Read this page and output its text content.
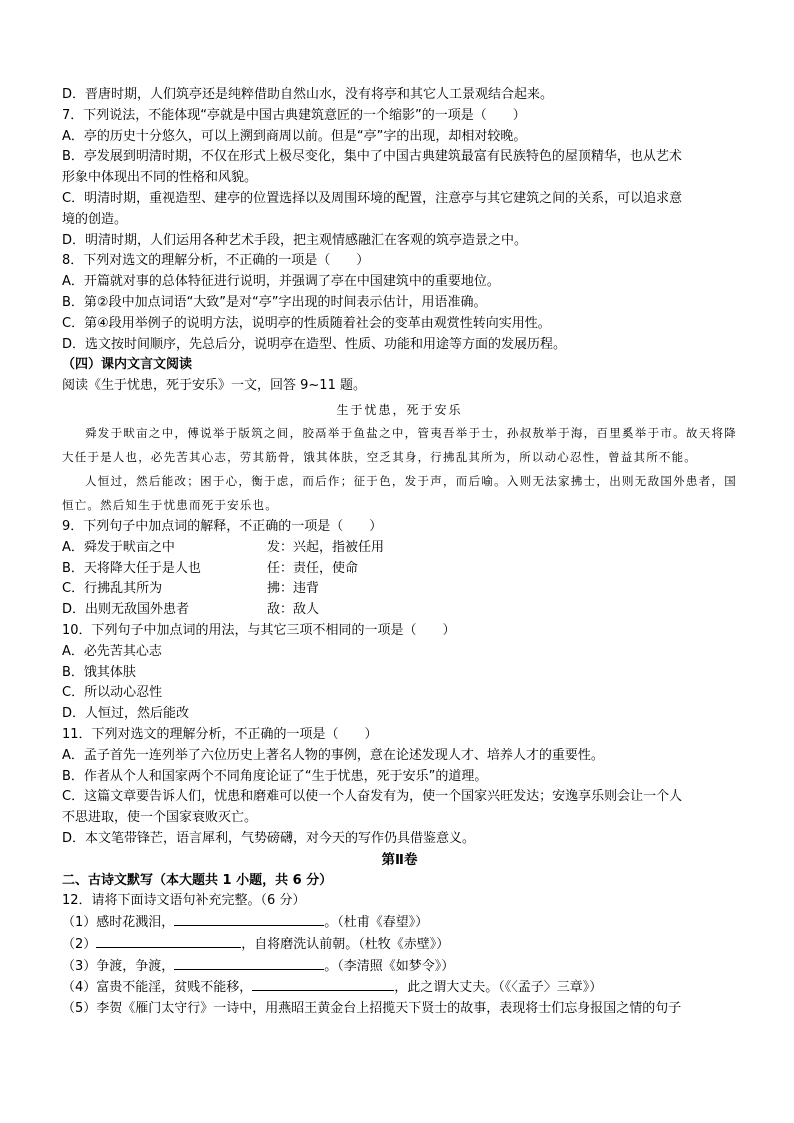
D．晋唐时期，人们筑亭还是纯粹借助自然山水，没有将亭和其它人工景观结合起来。

7．下列说法，不能体现“亭就是中国古典建筑意匠的一个缩影”的一项是（　　）

A．亭的历史十分悠久，可以上溯到商周以前。但是“亭”字的出现，却相对较晚。

B．亭发展到明清时期，不仅在形式上极尽变化，集中了中国古典建筑最富有民族特色的屋顶精华，也从艺术

形象中体现出不同的性格和风貌。

C．明清时期，重视造型、建亭的位置选择以及周围环境的配置，注意亭与其它建筑之间的关系，可以追求意

境的创造。

D．明清时期，人们运用各种艺术手段，把主观情感融汇在客观的筑亭造景之中。

8．下列对选文的理解分析，不正确的一项是（　　）

A．开篇就对事的总体特征进行说明，并强调了亭在中国建筑中的重要地位。

B．第②段中加点词语“大致”是对“亭”字出现的时间表示估计，用语准确。

C．第④段用举例子的说明方法，说明亭的性质随着社会的变革由观赏性转向实用性。

D．选文按时间顺序，先总后分，说明亭在造型、性质、功能和用途等方面的发展历程。

（四）课内文言文阅读

阅读《生于忧患，死于安乐》一文，回答 9~11 题。

生于忧患，死于安乐

舜发于畎亩之中，傅说举于版筑之间，胶鬲举于鱼盐之中，管夷吾举于士，孙叔敖举于海，百里奚举于市。故天将降大任于是人也，必先苦其心志，劳其筋骨，饿其体肤，空乏其身，行拂乱其所为，所以动心忍性，曾益其所不能。

人恒过，然后能改；困于心，衡于虑，而后作；征于色，发于声，而后喻。入则无法家拂士，出则无敌国外患者，国恒亡。然后知生于忧患而死于安乐也。

9．下列句子中加点词的解释，不正确的一项是（　　）

A．舜发于畎亩之中	发：兴起，指被任用
B．天将降大任于是人也	任：责任，使命
C．行拂乱其所为	拂：违背
D．出则无敌国外患者	敌：敌人

10．下列句子中加点词的用法，与其它三项不相同的一项是（　　）

A．必先苦其心志

B．饿其体肤

C．所以动心忍性

D．人恒过，然后能改

11．下列对选文的理解分析，不正确的一项是（　　）

A．孟子首先一连列举了六位历史上著名人物的事例，意在论述发现人才、培养人才的重要性。

B．作者从个人和国家两个不同角度论证了“生于忧患，死于安乐”的道理。

C．这篇文章要告诉人们，忧患和磨难可以使一个人奋发有为，使一个国家兴旺发达；安逸享乐则会让一个人

不思进取，使一个国家衰败灭亡。

D．本文笔带锋芒，语言犀利，气势磅礴，对今天的写作仍具借鉴意义。

第Ⅱ卷

二、古诗文默写（本大题共 1 小题，共 6 分）

12．请将下面诗文语句补充完整。（6 分）

（1）感时花溅泪，	。（杜甫《春望》）

（2）	，自将磨洗认前朝。（杜牧《赤壁》）

（3）争渡，争渡，	。（李清照《如梦令》）

（4）富贵不能淫，贫贱不能移，	，此之谓大丈夫。（《〈孟子〉三章》）

（5）李贺《雁门太守行》一诗中，用燕昭王黄金台上招揽天下贤士的故事，表现将士们忘身报国之情的句子
